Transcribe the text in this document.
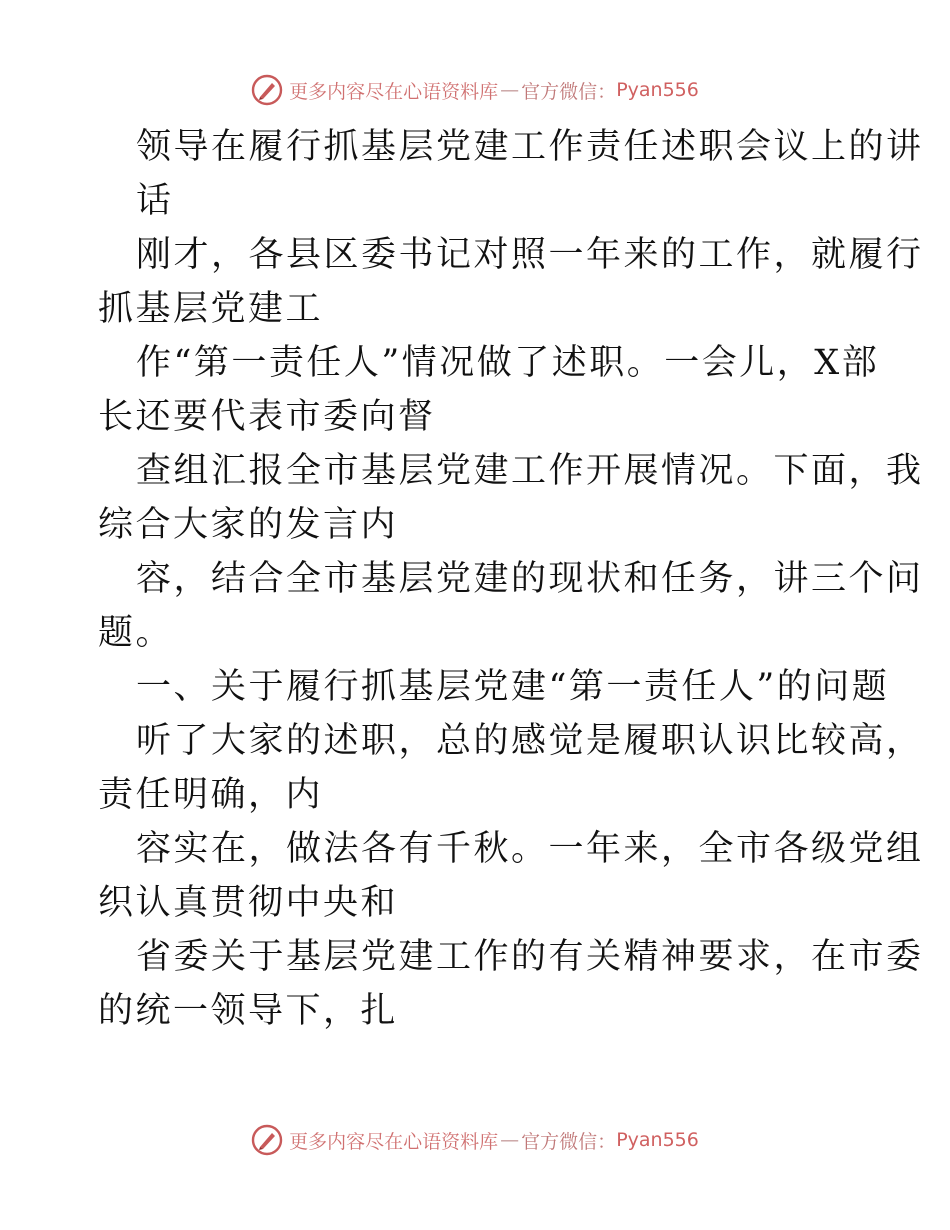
更多内容尽在心语资料库 — 官方微信： Pyan556
领导在履行抓基层党建工作责任述职会议上的讲
话
刚才，各县区委书记对照一年来的工作，就履行
抓基层党建工
作“第一责任人”情况做了述职。一会儿，X部
长还要代表市委向督
查组汇报全市基层党建工作开展情况。下面，我
综合大家的发言内
容，结合全市基层党建的现状和任务，讲三个问
题。
一、关于履行抓基层党建“第一责任人”的问题
听了大家的述职，总的感觉是履职认识比较高，
责任明确，内
容实在，做法各有千秋。一年来，全市各级党组
织认真贯彻中央和
省委关于基层党建工作的有关精神要求，在市委
的统一领导下，扎
更多内容尽在心语资料库 — 官方微信： Pyan556
